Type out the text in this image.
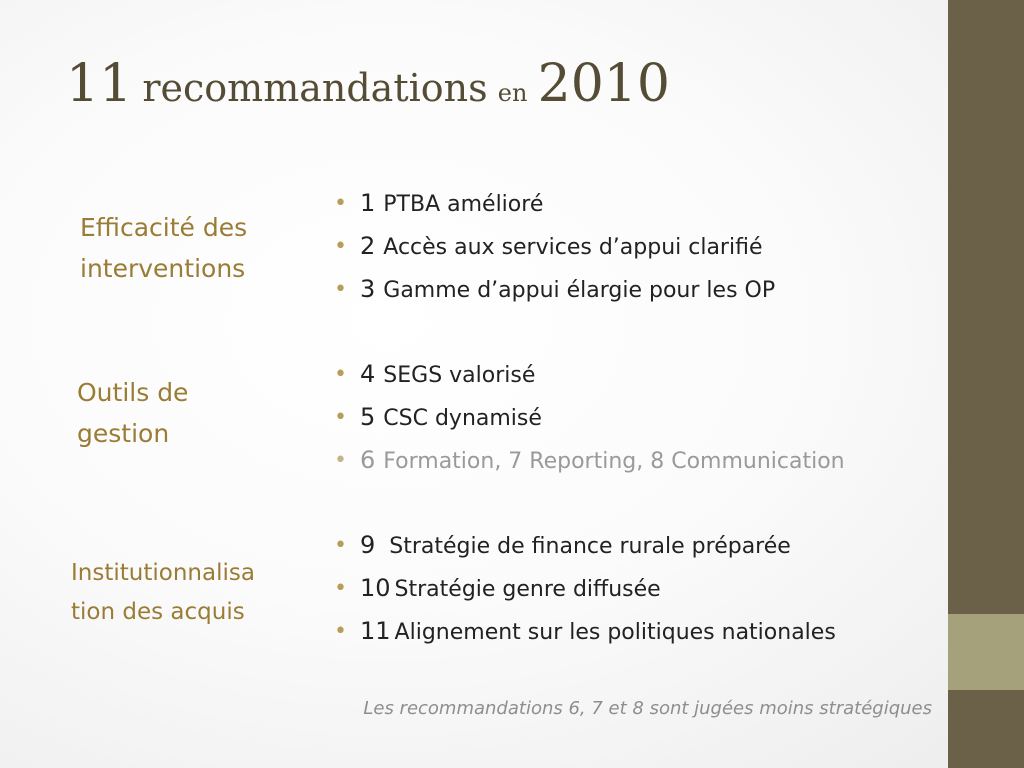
11 recommandations en 2010
Efficacité des
interventions
Outils de
gestion
Institutionnalisa
tion des acquis
• 1 PTBA amélioré
• 2 Accès aux services d’appui clarifié
• 3 Gamme d’appui élargie pour les OP
• 4 SEGS valorisé
• 5 CSC dynamisé
• 6 Formation, 7 Reporting, 8 Communication
• 9 Stratégie de finance rurale préparée
• 10 Stratégie genre diffusée
• 11 Alignement sur les politiques nationales

Les recommandations 6, 7 et 8 sont jugées moins stratégiques
